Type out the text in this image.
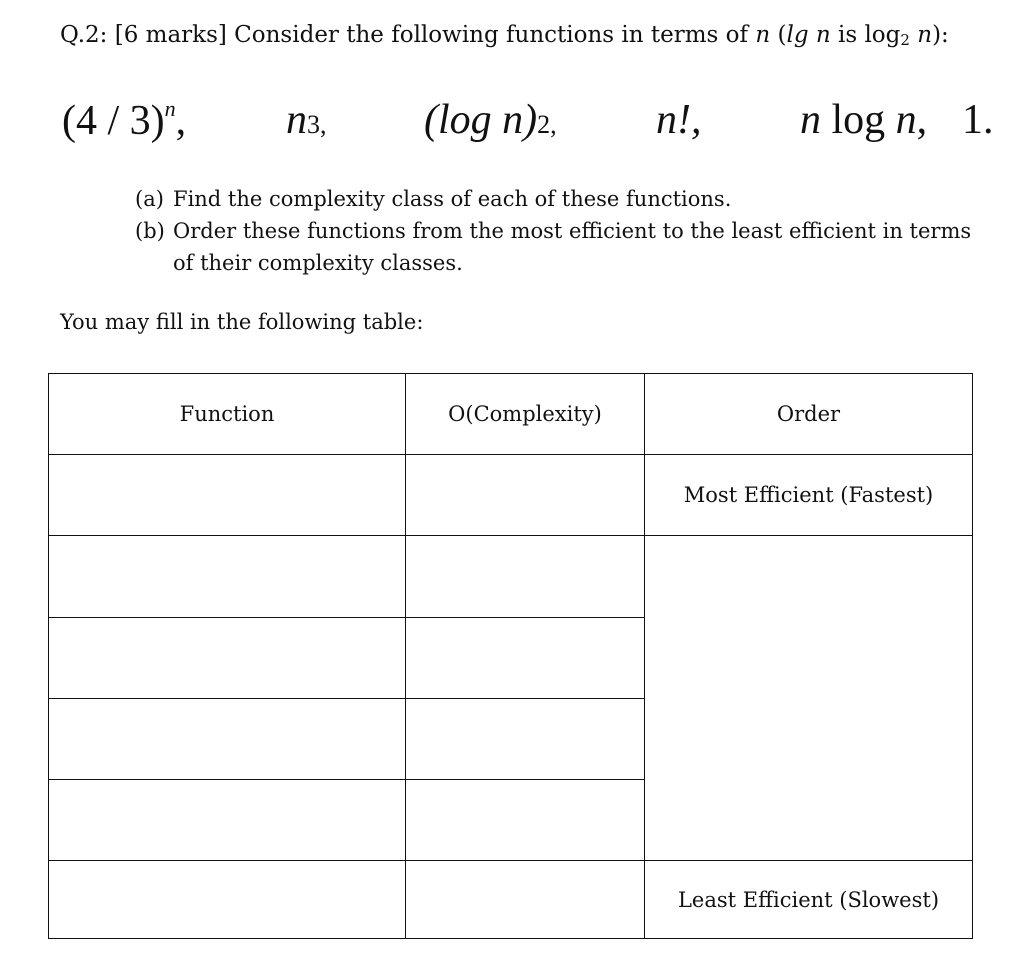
Q.2: [6 marks] Consider the following functions in terms of n (lg n is $\log_2 n$):
(4 / 3)$^n$, n3, (log n)2, n!, n log n, 1.
(a) Find the complexity class of each of these functions.
(b) Order these functions from the most efficient to the least efficient in terms of their complexity classes.
You may fill in the following table:
Function	O(Complexity)	Order
		Most Efficient (Fastest)

		Least Efficient (Slowest)
